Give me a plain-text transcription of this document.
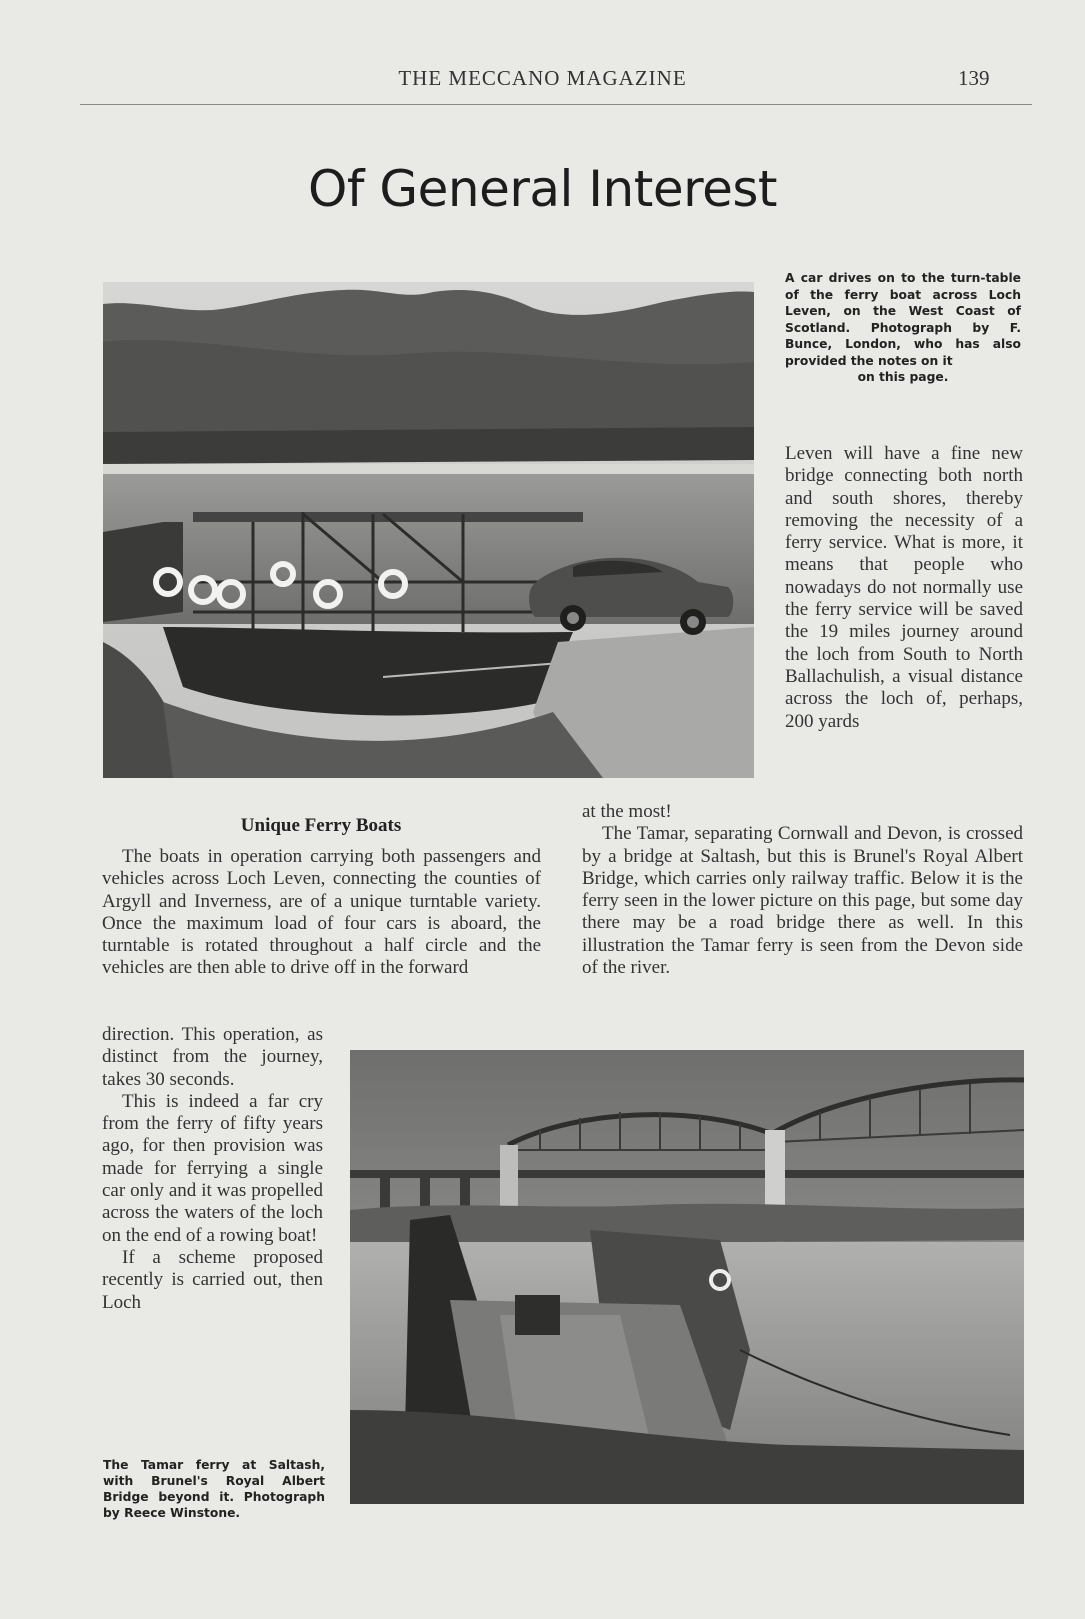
THE MECCANO MAGAZINE	139
Of General Interest
A car drives on to the turn-table of the ferry boat across Loch Leven, on the West Coast of Scotland. Photograph by F. Bunce, London, who has also provided the notes on it
on this page.
Leven will have a fine new bridge connecting both north and south shores, thereby removing the necessity of a ferry service. What is more, it means that people who nowadays do not normally use the ferry service will be saved the 19 miles journey around the loch from South to North Ballachulish, a visual distance across the loch of, perhaps, 200 yards
Unique Ferry Boats
The boats in operation carrying both passengers and vehicles across Loch Leven, connecting the counties of Argyll and Inverness, are of a unique turntable variety. Once the maximum load of four cars is aboard, the turntable is rotated throughout a half circle and the vehicles are then able to drive off in the forward

at the most!

The Tamar, separating Cornwall and Devon, is crossed by a bridge at Saltash, but this is Brunel's Royal Albert Bridge, which carries only railway traffic. Below it is the ferry seen in the lower picture on this page, but some day there may be a road bridge there as well. In this illustration the Tamar ferry is seen from the Devon side of the river.

direction. This operation, as distinct from the journey, takes 30 seconds.

This is indeed a far cry from the ferry of fifty years ago, for then provision was made for ferrying a single car only and it was propelled across the waters of the loch on the end of a rowing boat!

If a scheme proposed recently is carried out, then Loch

The Tamar ferry at Saltash, with Brunel's Royal Albert Bridge beyond it. Photograph by Reece Winstone.
